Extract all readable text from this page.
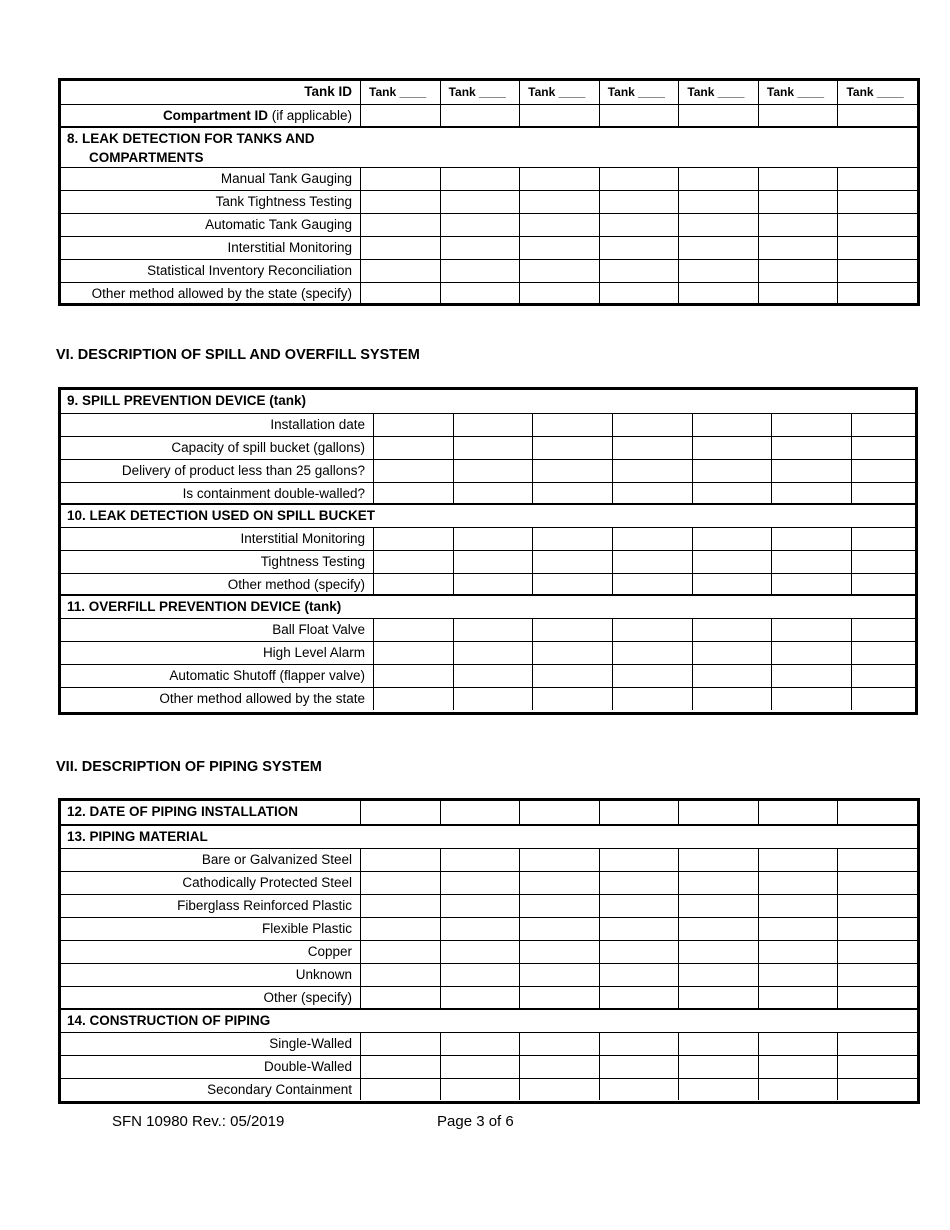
Tank ID	Tank ____	Tank ____	Tank ____	Tank ____	Tank ____	Tank ____	Tank ____
Compartment ID (if applicable)
8. LEAK DETECTION FOR TANKS AND
COMPARTMENTS
Manual Tank Gauging
Tank Tightness Testing
Automatic Tank Gauging
Interstitial Monitoring
Statistical Inventory Reconciliation
Other method allowed by the state (specify)
VI. DESCRIPTION OF SPILL AND OVERFILL SYSTEM
9. SPILL PREVENTION DEVICE (tank)
Installation date
Capacity of spill bucket (gallons)
Delivery of product less than 25 gallons?
Is containment double-walled?
10. LEAK DETECTION USED ON SPILL BUCKET
Interstitial Monitoring
Tightness Testing
Other method (specify)
11. OVERFILL PREVENTION DEVICE (tank)
Ball Float Valve
High Level Alarm
Automatic Shutoff (flapper valve)
Other method allowed by the state
VII. DESCRIPTION OF PIPING SYSTEM
12. DATE OF PIPING INSTALLATION
13. PIPING MATERIAL
Bare or Galvanized Steel
Cathodically Protected Steel
Fiberglass Reinforced Plastic
Flexible Plastic
Copper
Unknown
Other (specify)
14. CONSTRUCTION OF PIPING
Single-Walled
Double-Walled
Secondary Containment
SFN 10980 Rev.: 05/2019	Page 3 of 6
